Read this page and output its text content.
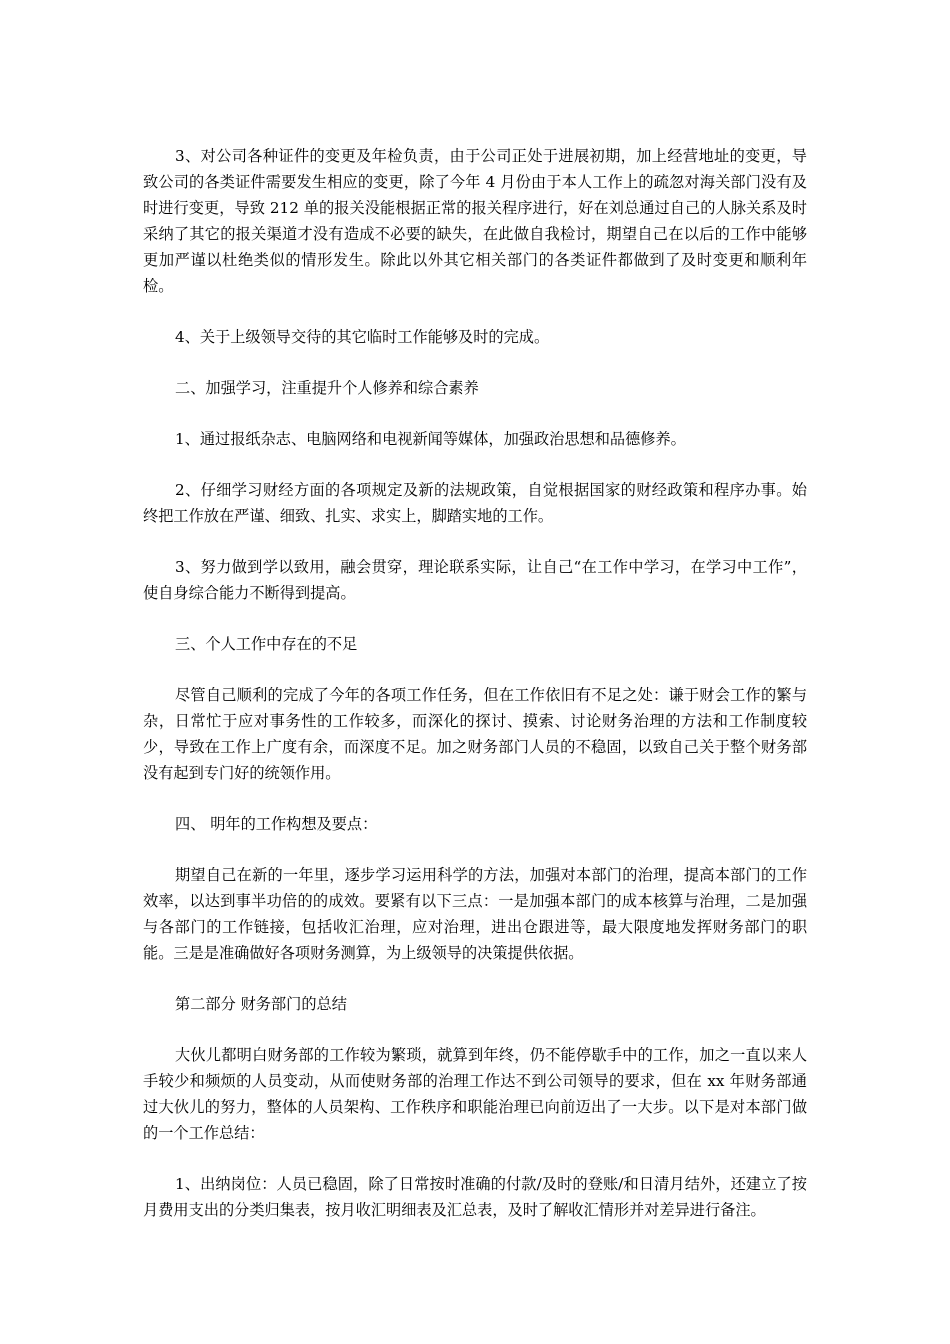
3、对公司各种证件的变更及年检负责，由于公司正处于进展初期，加上经营地址的变更，导致公司的各类证件需要发生相应的变更，除了今年 4 月份由于本人工作上的疏忽对海关部门没有及时进行变更，导致 212 单的报关没能根据正常的报关程序进行，好在刘总通过自己的人脉关系及时采纳了其它的报关渠道才没有造成不必要的缺失，在此做自我检讨，期望自己在以后的工作中能够更加严谨以杜绝类似的情形发生。除此以外其它相关部门的各类证件都做到了及时变更和顺利年检。

4、关于上级领导交待的其它临时工作能够及时的完成。

二、加强学习，注重提升个人修养和综合素养

1、通过报纸杂志、电脑网络和电视新闻等媒体，加强政治思想和品德修养。

2、仔细学习财经方面的各项规定及新的法规政策，自觉根据国家的财经政策和程序办事。始终把工作放在严谨、细致、扎实、求实上，脚踏实地的工作。

3、努力做到学以致用，融会贯穿，理论联系实际，让自己“在工作中学习，在学习中工作”，使自身综合能力不断得到提高。

三、个人工作中存在的不足

尽管自己顺利的完成了今年的各项工作任务，但在工作依旧有不足之处：谦于财会工作的繁与杂，日常忙于应对事务性的工作较多，而深化的探讨、摸索、讨论财务治理的方法和工作制度较少，导致在工作上广度有余，而深度不足。加之财务部门人员的不稳固，以致自己关于整个财务部没有起到专门好的统领作用。

四、 明年的工作构想及要点：

期望自己在新的一年里，逐步学习运用科学的方法，加强对本部门的治理，提高本部门的工作效率，以达到事半功倍的的成效。要紧有以下三点：一是加强本部门的成本核算与治理，二是加强与各部门的工作链接，包括收汇治理，应对治理，进出仓跟进等，最大限度地发挥财务部门的职能。三是是准确做好各项财务测算，为上级领导的决策提供依据。

第二部分 财务部门的总结

大伙儿都明白财务部的工作较为繁琐，就算到年终，仍不能停歇手中的工作，加之一直以来人手较少和频烦的人员变动，从而使财务部的治理工作达不到公司领导的要求，但在 xx 年财务部通过大伙儿的努力，整体的人员架构、工作秩序和职能治理已向前迈出了一大步。以下是对本部门做的一个工作总结：

1、出纳岗位：人员已稳固，除了日常按时准确的付款/及时的登账/和日清月结外，还建立了按月费用支出的分类归集表，按月收汇明细表及汇总表，及时了解收汇情形并对差异进行备注。
